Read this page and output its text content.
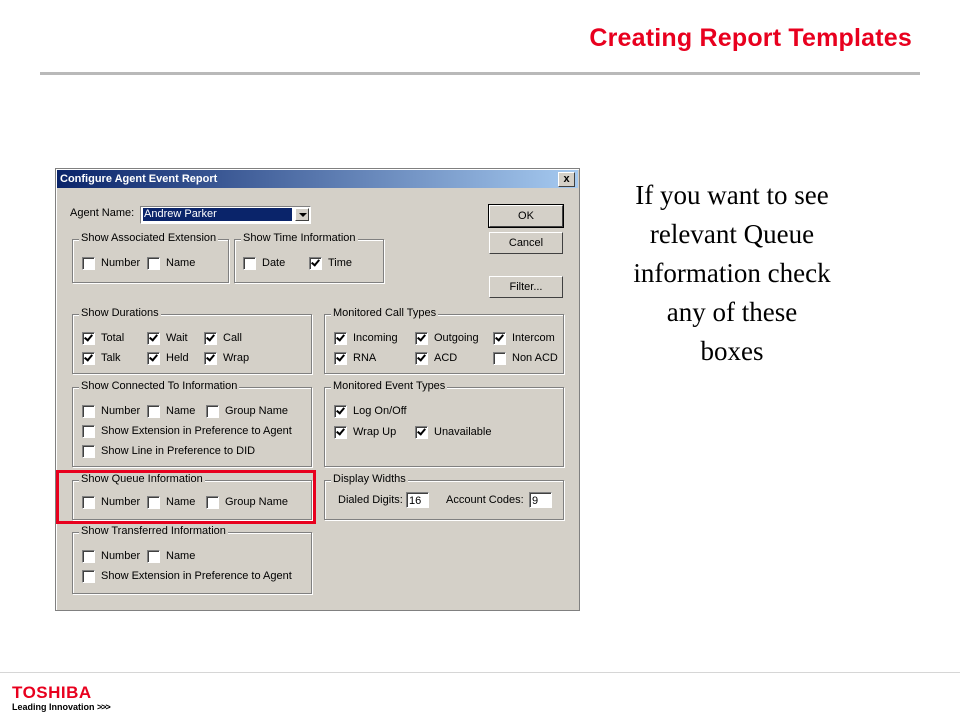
Creating Report Templates
Configure Agent Event Report	x
Agent Name: Andrew Parker	OK
Cancel
Filter...
Show Associated Extension
Number	Name
Show Time Information
Date	Time
Show Durations
Total	Wait	Call
Talk	Held	Wrap
Monitored Call Types
Incoming	Outgoing	Intercom
RNA	ACD	Non ACD
Show Connected To Information
Number	Name	Group Name
Show Extension in Preference to Agent
Show Line in Preference to DID
Monitored Event Types
Log On/Off
Wrap Up	Unavailable
Show Queue Information
Number	Name	Group Name
Display Widths
Dialed Digits: 16	Account Codes: 9
Show Transferred Information
Number	Name
Show Extension in Preference to Agent
If you want to see relevant Queue information check any of these boxes
TOSHIBA
Leading Innovation >>>
